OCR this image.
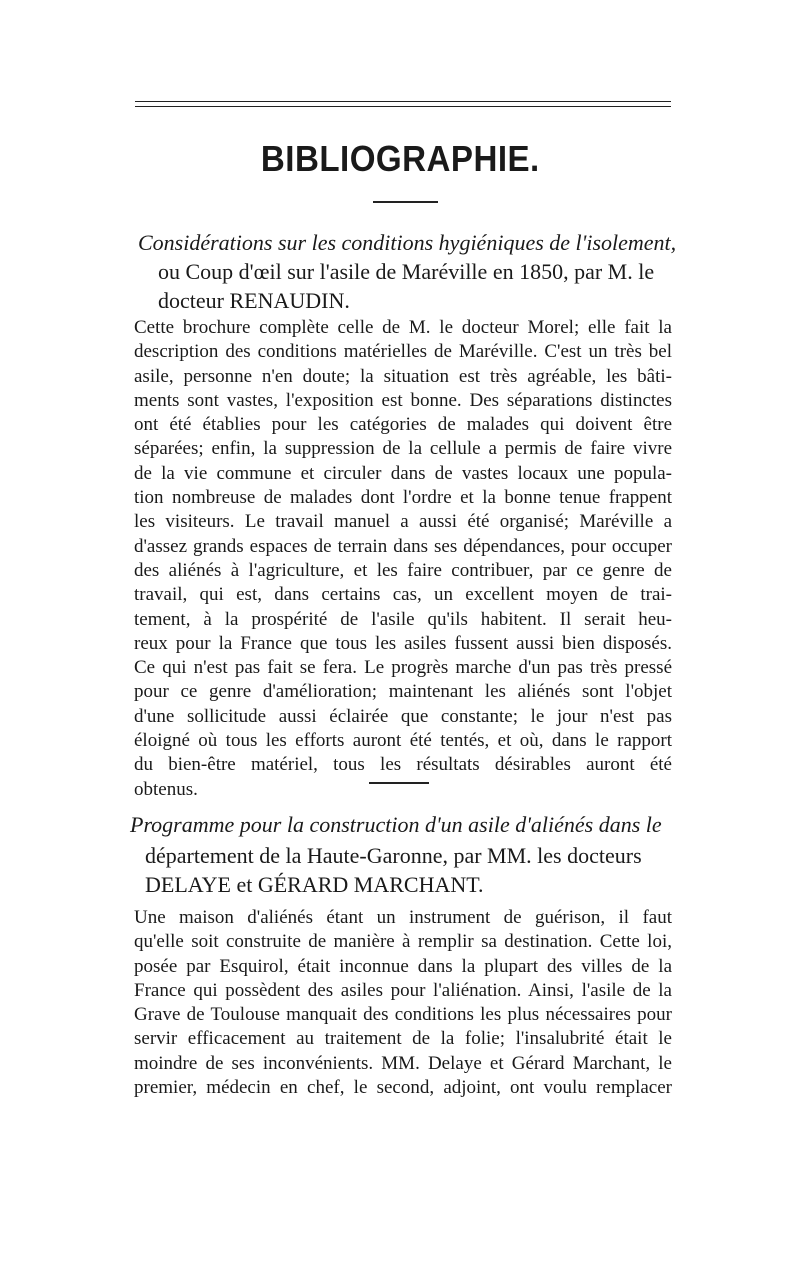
BIBLIOGRAPHIE.
Considérations sur les conditions hygiéniques de l'isolement,
ou Coup d'œil sur l'asile de Maréville en 1850, par M. le
docteur RENAUDIN.
Cette brochure complète celle de M. le docteur Morel; elle fait la
description des conditions matérielles de Maréville. C'est un très bel
asile, personne n'en doute; la situation est très agréable, les bâti-
ments sont vastes, l'exposition est bonne. Des séparations distinctes
ont été établies pour les catégories de malades qui doivent être
séparées; enfin, la suppression de la cellule a permis de faire vivre
de la vie commune et circuler dans de vastes locaux une popula-
tion nombreuse de malades dont l'ordre et la bonne tenue frappent
les visiteurs. Le travail manuel a aussi été organisé; Maréville a
d'assez grands espaces de terrain dans ses dépendances, pour occuper
des aliénés à l'agriculture, et les faire contribuer, par ce genre de
travail, qui est, dans certains cas, un excellent moyen de trai-
tement, à la prospérité de l'asile qu'ils habitent. Il serait heu-
reux pour la France que tous les asiles fussent aussi bien disposés.
Ce qui n'est pas fait se fera. Le progrès marche d'un pas très pressé
pour ce genre d'amélioration; maintenant les aliénés sont l'objet
d'une sollicitude aussi éclairée que constante; le jour n'est pas
éloigné où tous les efforts auront été tentés, et où, dans le rapport
du bien-être matériel, tous les résultats désirables auront été
obtenus.
Programme pour la construction d'un asile d'aliénés dans le
département de la Haute-Garonne, par MM. les docteurs
DELAYE et GÉRARD MARCHANT.
Une maison d'aliénés étant un instrument de guérison, il faut
qu'elle soit construite de manière à remplir sa destination. Cette loi,
posée par Esquirol, était inconnue dans la plupart des villes de la
France qui possèdent des asiles pour l'aliénation. Ainsi, l'asile de la
Grave de Toulouse manquait des conditions les plus nécessaires pour
servir efficacement au traitement de la folie; l'insalubrité était le
moindre de ses inconvénients. MM. Delaye et Gérard Marchant, le
premier, médecin en chef, le second, adjoint, ont voulu remplacer
